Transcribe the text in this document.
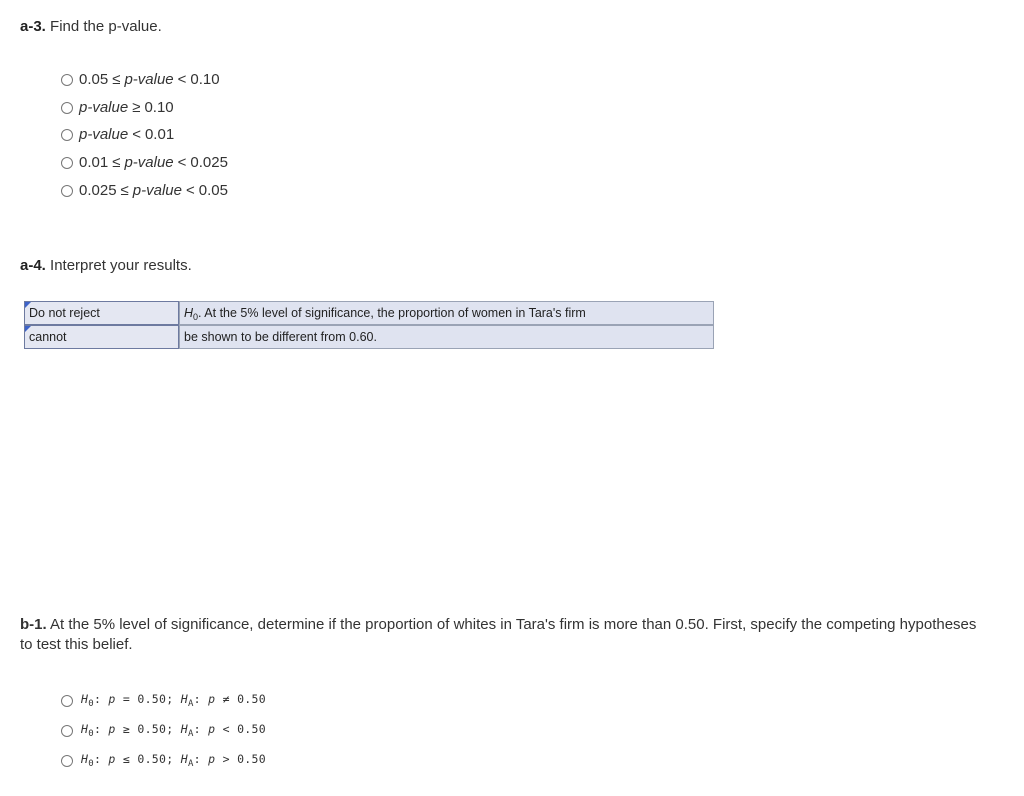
a-3. Find the p-value.
0.05 ≤ p-value < 0.10
p-value ≥ 0.10
p-value < 0.01
0.01 ≤ p-value < 0.025
0.025 ≤ p-value < 0.05
a-4. Interpret your results.
Do not reject	$H_0$. At the 5% level of significance, the proportion of women in Tara's firm
cannot	be shown to be different from 0.60.
b-1. At the 5% level of significance, determine if the proportion of whites in Tara's firm is more than 0.50. First, specify the competing hypotheses to test this belief.
$H_0$: p = 0.50; $H_A$: p ≠ 0.50
$H_0$: p ≥ 0.50; $H_A$: p < 0.50
$H_0$: p ≤ 0.50; $H_A$: p > 0.50
